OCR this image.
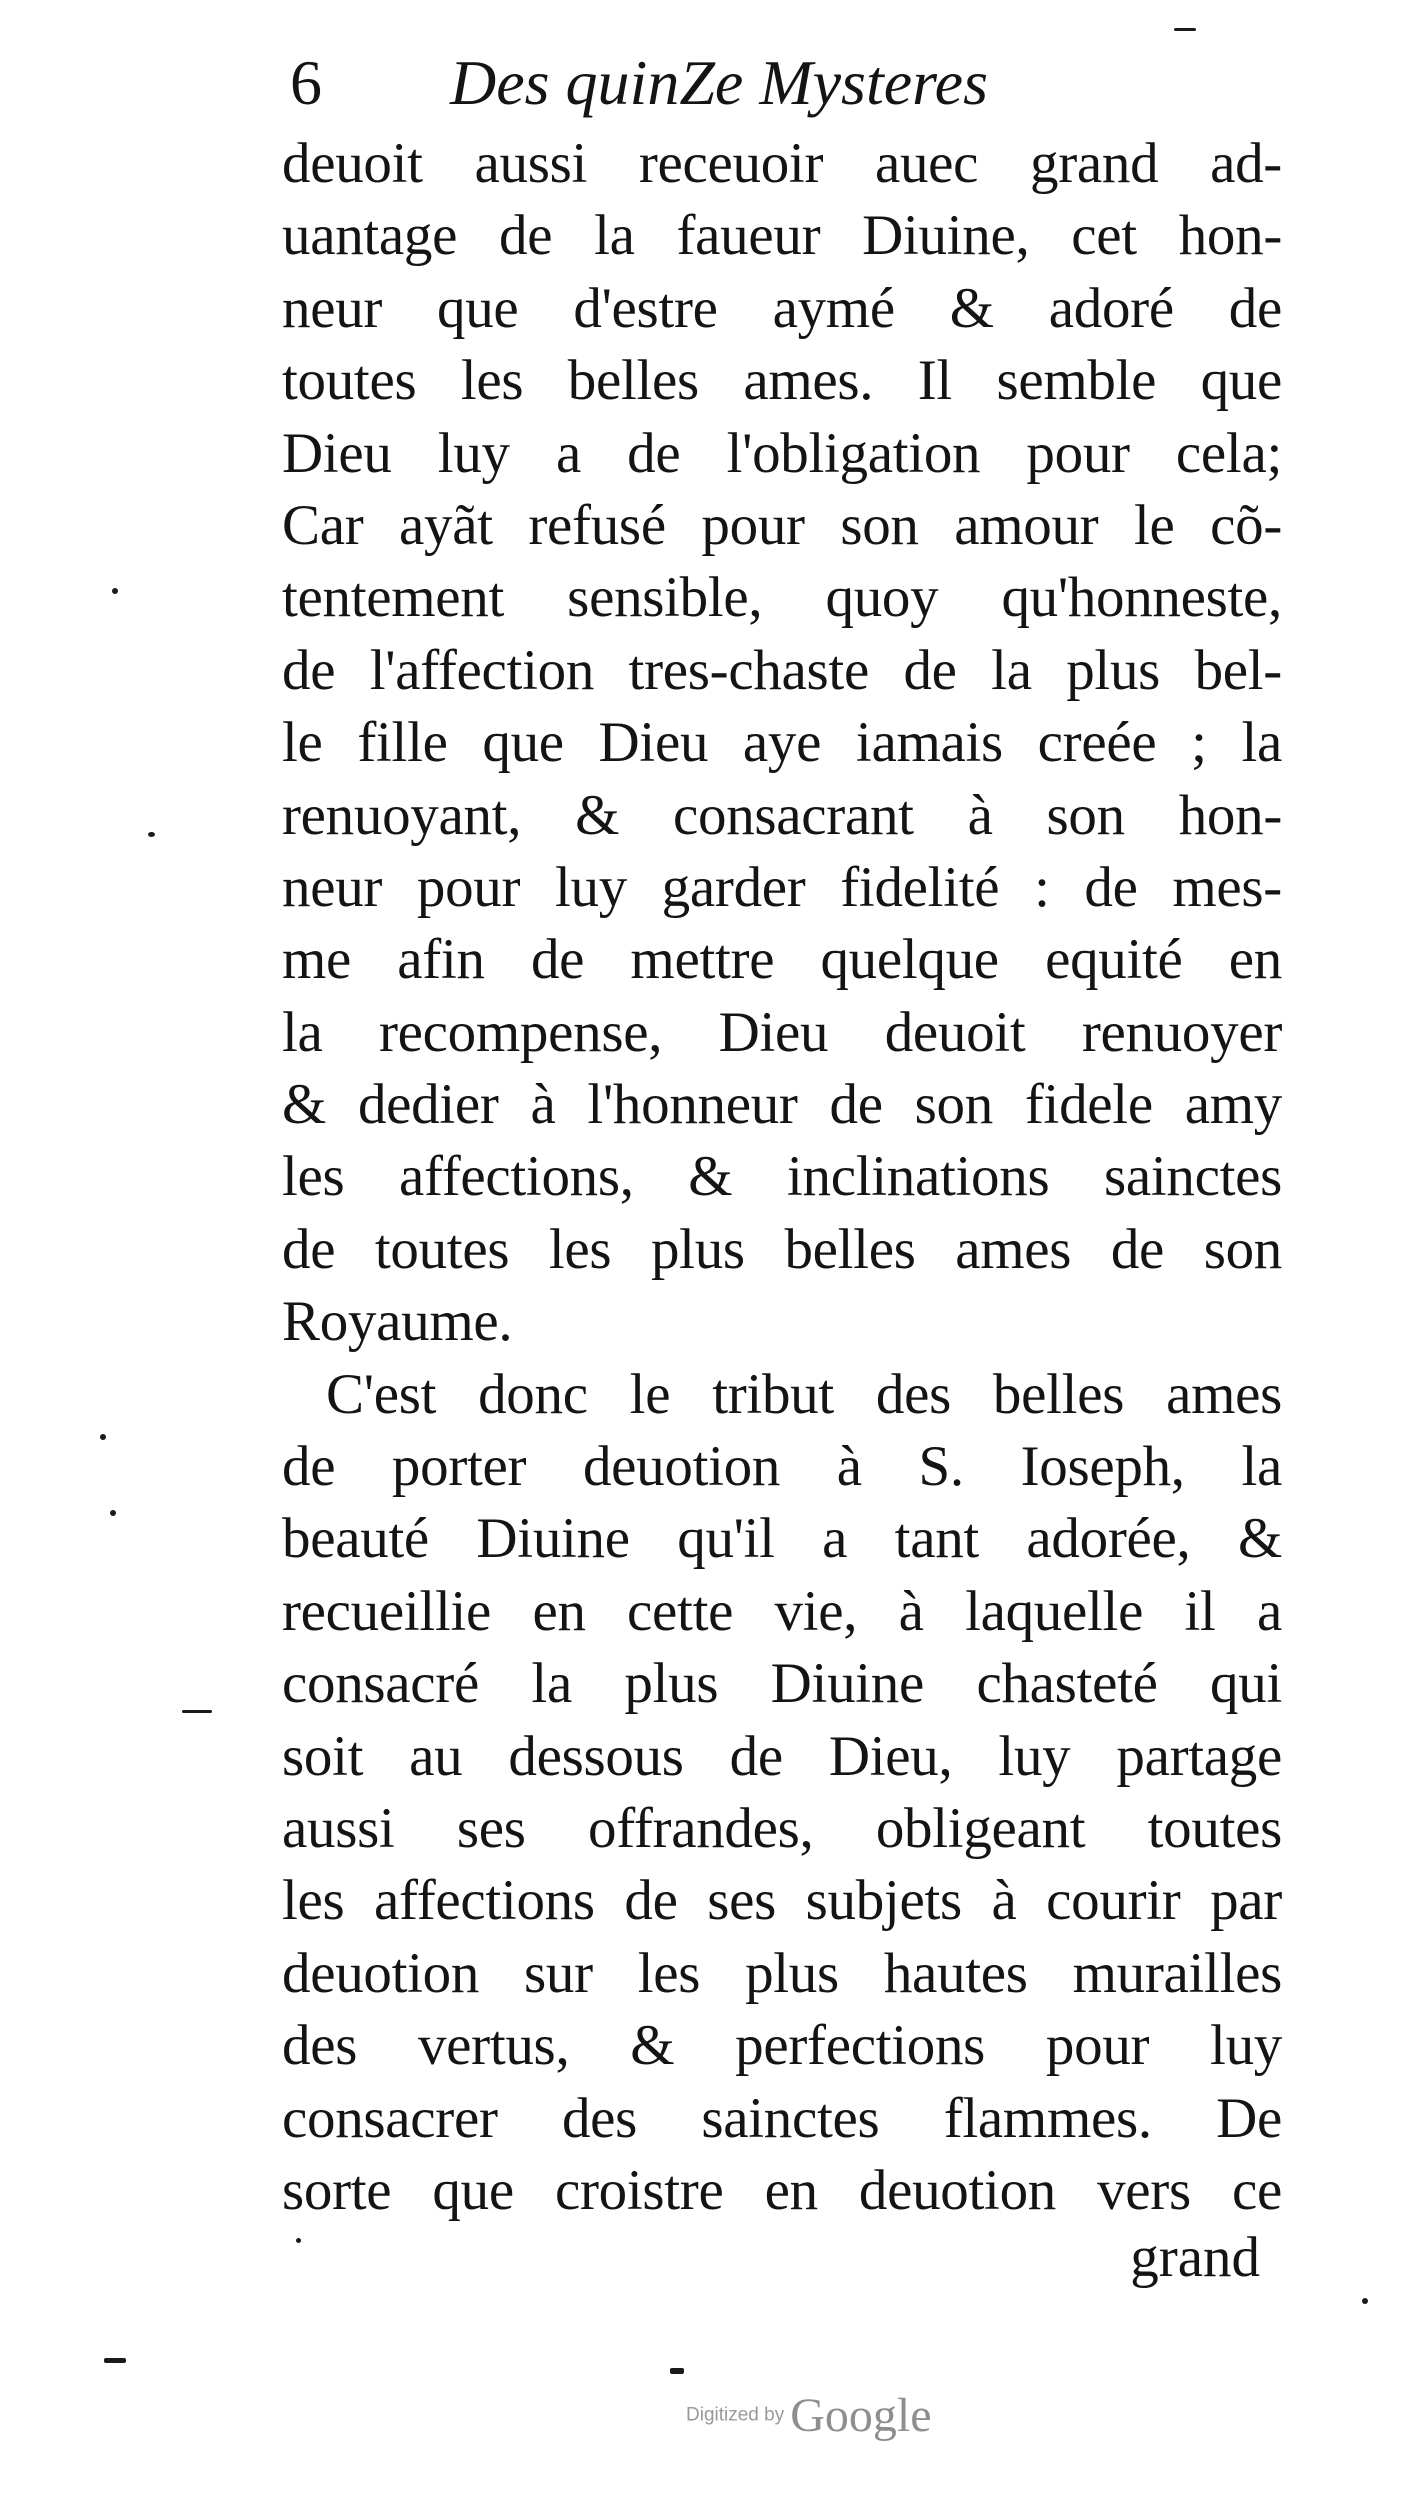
6 Des quinZe Mysteres
deuoit aussi receuoir auec grand ad-
uantage de la faueur Diuine, cet hon-
neur que d'estre aymé & adoré de
toutes les belles ames. Il semble que
Dieu luy a de l'obligation pour cela;
Car ayãt refusé pour son amour le cõ-
tentement sensible, quoy qu'honneste,
de l'affection tres-chaste de la plus bel-
le fille que Dieu aye iamais creée ; la
renuoyant, & consacrant à son hon-
neur pour luy garder fidelité : de mes-
me afin de mettre quelque equité en
la recompense, Dieu deuoit renuoyer
& dedier à l'honneur de son fidele amy
les affections, & inclinations sainctes
de toutes les plus belles ames de son
Royaume.
C'est donc le tribut des belles ames
de porter deuotion à S. Ioseph, la
beauté Diuine qu'il a tant adorée, &
recueillie en cette vie, à laquelle il a
consacré la plus Diuine chasteté qui
soit au dessous de Dieu, luy partage
aussi ses offrandes, obligeant toutes
les affections de ses subjets à courir par
deuotion sur les plus hautes murailles
des vertus, & perfections pour luy
consacrer des sainctes flammes. De
sorte que croistre en deuotion vers ce
grand
Digitized by Google
